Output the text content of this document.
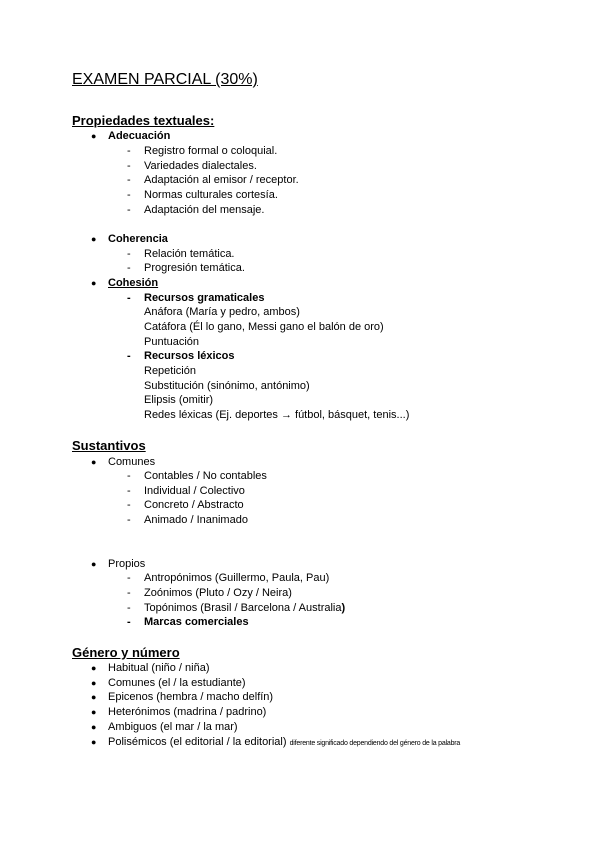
EXAMEN PARCIAL (30%)
Propiedades textuales:
● Adecuación
- Registro formal o coloquial.
- Variedades dialectales.
- Adaptación al emisor / receptor.
- Normas culturales cortesía.
- Adaptación del mensaje.
● Coherencia
- Relación temática.
- Progresión temática.
● Cohesión
- Recursos gramaticales
Anáfora (María y pedro, ambos)
Catáfora (Él lo gano, Messi gano el balón de oro)
Puntuación
- Recursos léxicos
Repetición
Substitución (sinónimo, antónimo)
Elipsis (omitir)
Redes léxicas (Ej. deportes → fútbol, básquet, tenis...)
Sustantivos
● Comunes
- Contables / No contables
- Individual / Colectivo
- Concreto / Abstracto
- Animado / Inanimado
● Propios
- Antropónimos (Guillermo, Paula, Pau)
- Zoónimos (Pluto / Ozy / Neira)
- Topónimos (Brasil / Barcelona / Australia)
- Marcas comerciales
Género y número
● Habitual (niño / niña)
● Comunes (el / la estudiante)
● Epicenos (hembra / macho delfín)
● Heterónimos (madrina / padrino)
● Ambiguos (el mar / la mar)
● Polisémicos (el editorial / la editorial) diferente significado dependiendo del género de la palabra
